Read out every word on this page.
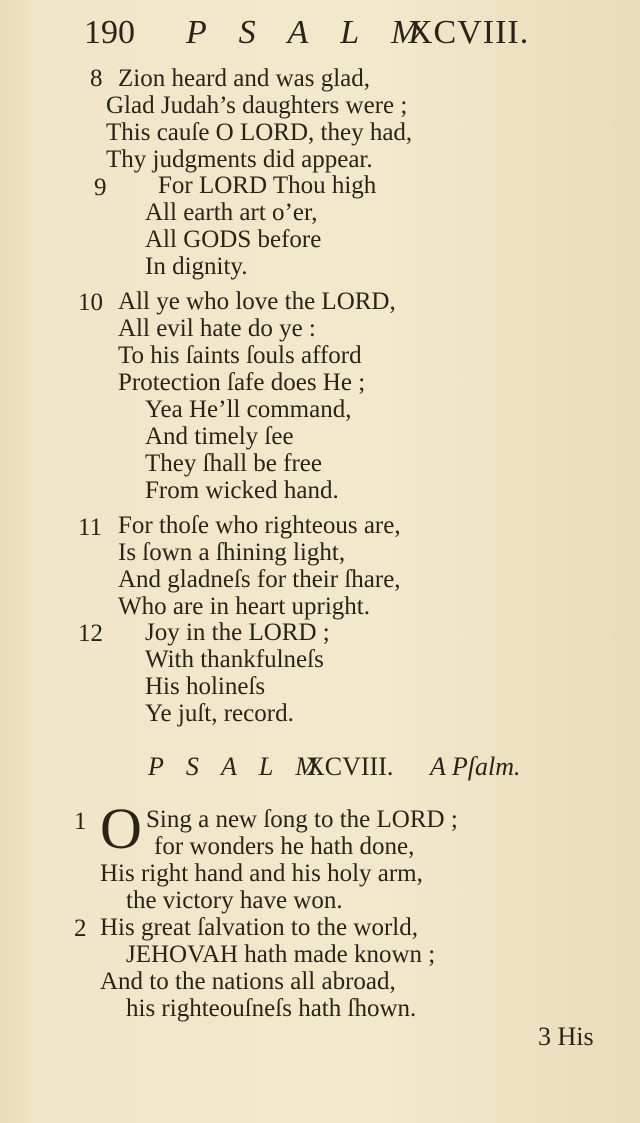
190 P S A L M
XCVIII.
8 Zion heard and was glad,
Glad Judah’s daughters were ;
This cauſe O LORD, they had,
Thy judgments did appear.
9 For LORD Thou high
All earth art o’er,
All GODS before
In dignity.
10 All ye who love the LORD,
All evil hate do ye :
To his ſaints ſouls afford
Protection ſafe does He ;
Yea He’ll command,
And timely ſee
They ſhall be free
From wicked hand.
11 For thoſe who righteous are,
Is ſown a ſhining light,
And gladneſs for their ſhare,
Who are in heart upright.
12 Joy in the LORD ;
With thankfulneſs
His holineſs
Ye juſt, record.
P S A L M
XCVIII. A Pſalm.
1 O Sing a new ſong to the LORD ;
for wonders he hath done,
His right hand and his holy arm,
the victory have won.
2 His great ſalvation to the world,
JEHOVAH hath made known ;
And to the nations all abroad,
his righteouſneſs hath ſhown.
3 His
